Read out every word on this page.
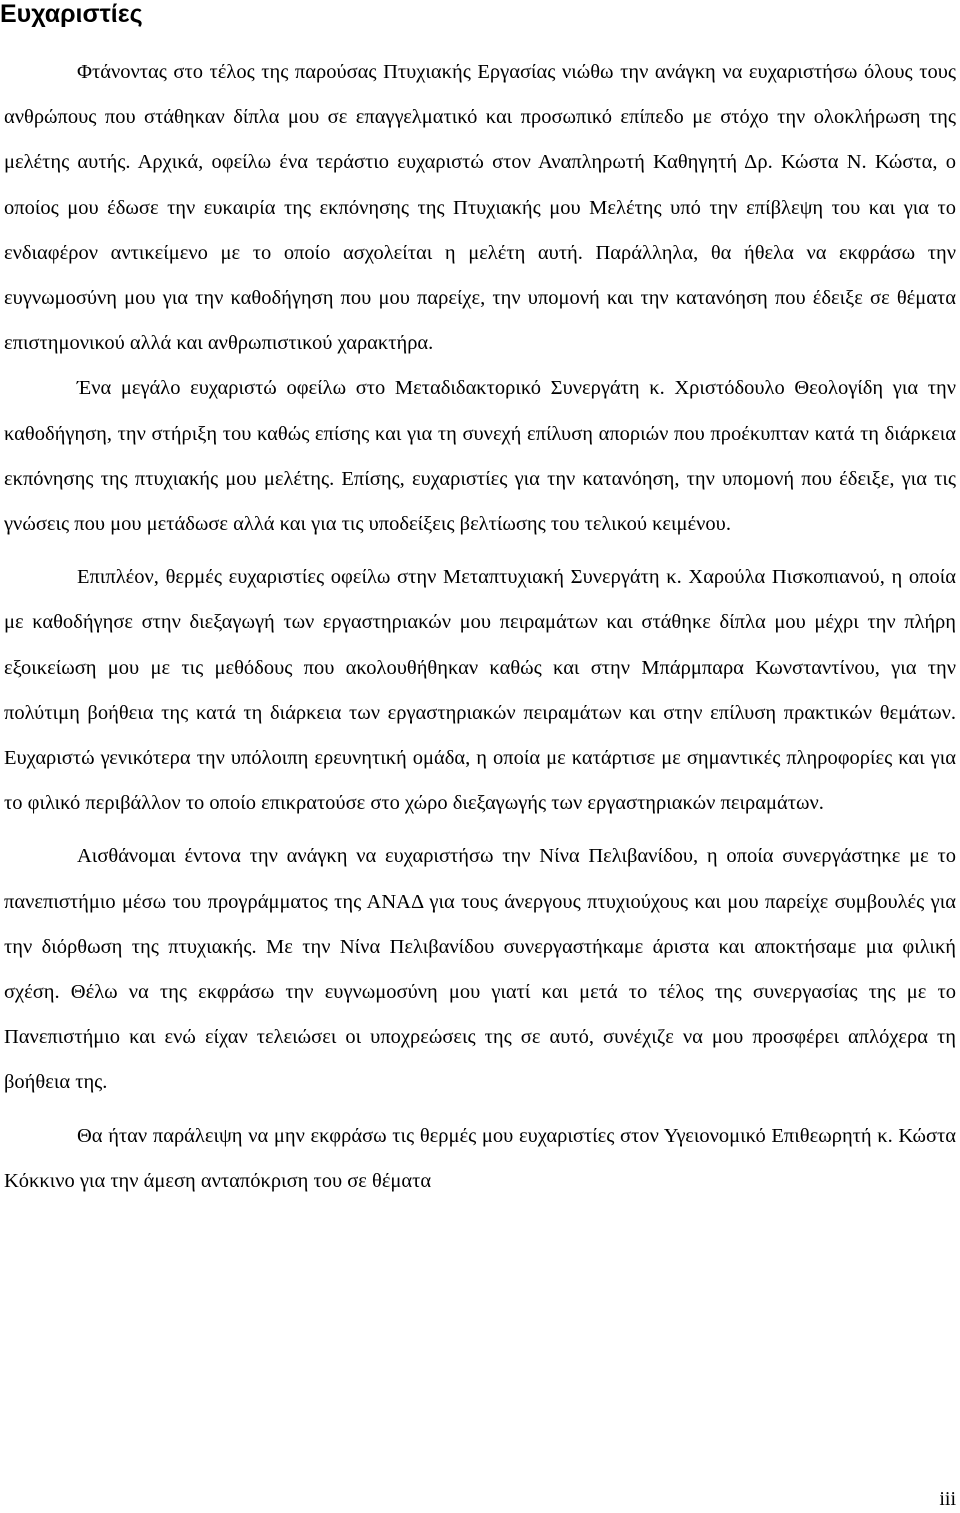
Ευχαριστίες

Φτάνοντας στο τέλος της παρούσας Πτυχιακής Εργασίας νιώθω την ανάγκη να ευχαριστήσω όλους τους ανθρώπους που στάθηκαν δίπλα μου σε επαγγελματικό και προσωπικό επίπεδο με στόχο την ολοκλήρωση της μελέτης αυτής. Αρχικά, οφείλω ένα τεράστιο ευχαριστώ στον Αναπληρωτή Καθηγητή Δρ. Κώστα Ν. Κώστα, ο οποίος μου έδωσε την ευκαιρία της εκπόνησης της Πτυχιακής μου Μελέτης υπό την επίβλεψη του και για το ενδιαφέρον αντικείμενο με το οποίο ασχολείται η μελέτη αυτή. Παράλληλα, θα ήθελα να εκφράσω την ευγνωμοσύνη μου για την καθοδήγηση που μου παρείχε, την υπομονή και την κατανόηση που έδειξε σε θέματα επιστημονικού αλλά και ανθρωπιστικού χαρακτήρα.

Ένα μεγάλο ευχαριστώ οφείλω στο Μεταδιδακτορικό Συνεργάτη κ. Χριστόδουλο Θεολογίδη για την καθοδήγηση, την στήριξη του καθώς επίσης και για τη συνεχή επίλυση αποριών που προέκυπταν κατά τη διάρκεια εκπόνησης της πτυχιακής μου μελέτης. Επίσης, ευχαριστίες για την κατανόηση, την υπομονή που έδειξε, για τις γνώσεις που μου μετάδωσε αλλά και για τις υποδείξεις βελτίωσης του τελικού κειμένου.

Επιπλέον, θερμές ευχαριστίες οφείλω στην Μεταπτυχιακή Συνεργάτη κ. Χαρούλα Πισκοπιανού, η οποία με καθοδήγησε στην διεξαγωγή των εργαστηριακών μου πειραμάτων και στάθηκε δίπλα μου μέχρι την πλήρη εξοικείωση μου με τις μεθόδους που ακολουθήθηκαν καθώς και στην Μπάρμπαρα Κωνσταντίνου, για την πολύτιμη βοήθεια της κατά τη διάρκεια των εργαστηριακών πειραμάτων και στην επίλυση πρακτικών θεμάτων. Ευχαριστώ γενικότερα την υπόλοιπη ερευνητική ομάδα, η οποία με κατάρτισε με σημαντικές πληροφορίες και για το φιλικό περιβάλλον το οποίο επικρατούσε στο χώρο διεξαγωγής των εργαστηριακών πειραμάτων.

Αισθάνομαι έντονα την ανάγκη να ευχαριστήσω την Νίνα Πελιβανίδου, η οποία συνεργάστηκε με το πανεπιστήμιο μέσω του προγράμματος της ΑΝΑΔ για τους άνεργους πτυχιούχους και μου παρείχε συμβουλές για την διόρθωση της πτυχιακής. Με την Νίνα Πελιβανίδου συνεργαστήκαμε άριστα και αποκτήσαμε μια φιλική σχέση. Θέλω να της εκφράσω την ευγνωμοσύνη μου γιατί και μετά το τέλος της συνεργασίας της με το Πανεπιστήμιο και ενώ είχαν τελειώσει οι υποχρεώσεις της σε αυτό, συνέχιζε να μου προσφέρει απλόχερα τη βοήθεια της.

Θα ήταν παράλειψη να μην εκφράσω τις θερμές μου ευχαριστίες στον Υγειονομικό Επιθεωρητή κ. Κώστα Κόκκινο για την άμεση ανταπόκριση του σε θέματα

iii
